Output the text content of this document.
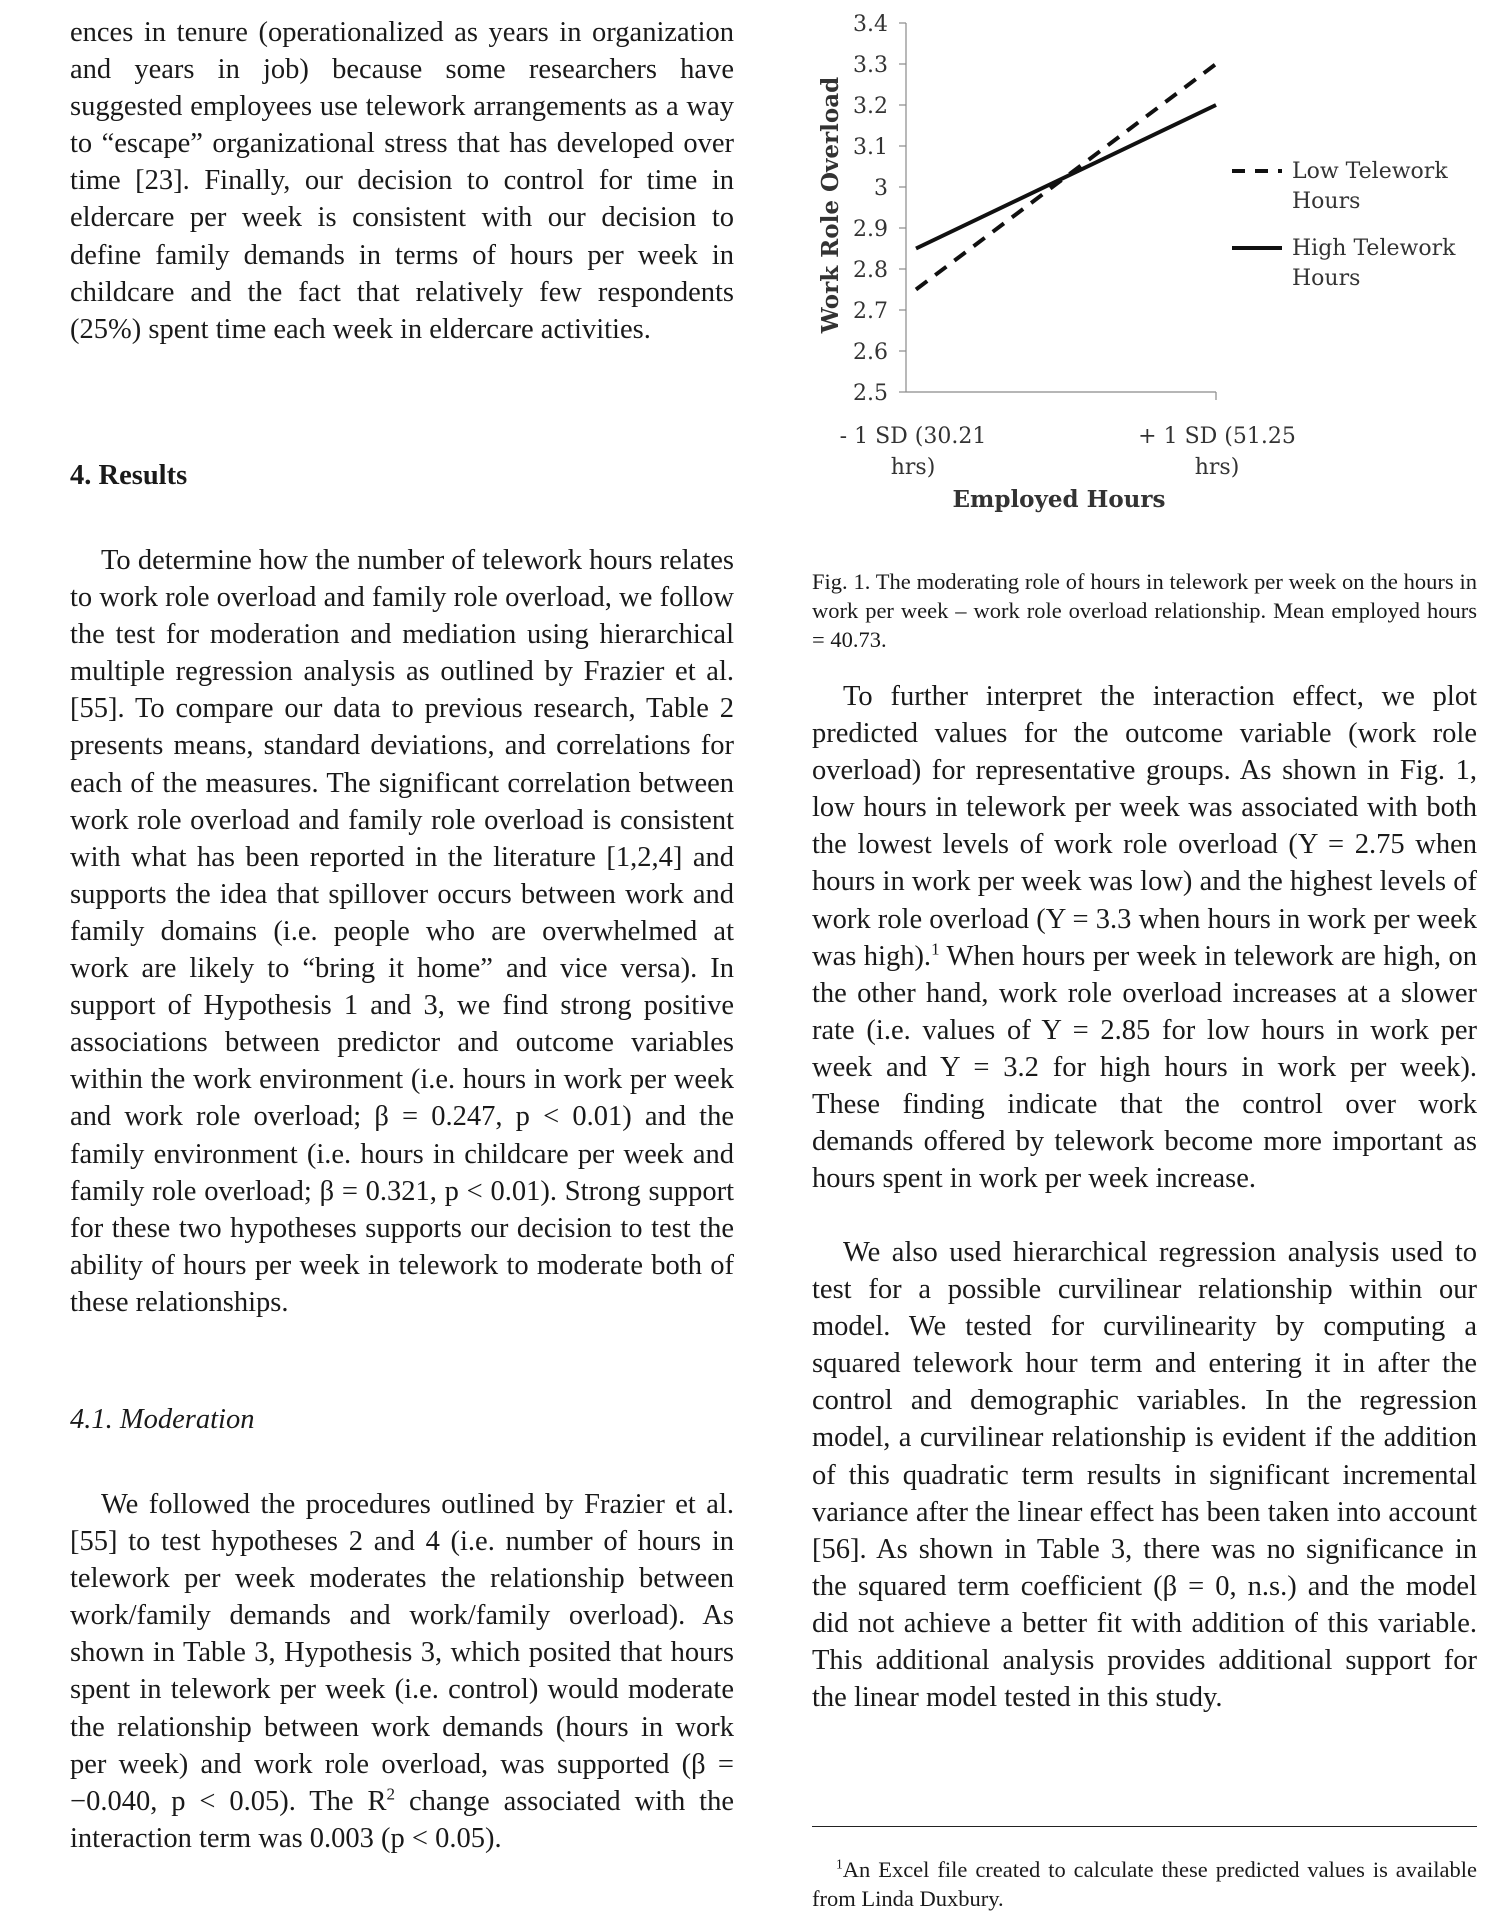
ences in tenure (operationalized as years in organization and years in job) because some researchers have suggested employees use telework arrangements as a way to “escape” organizational stress that has developed over time [23]. Finally, our decision to control for time in eldercare per week is consistent with our decision to define family demands in terms of hours per week in childcare and the fact that relatively few respondents (25%) spent time each week in eldercare activities.

4. Results

To determine how the number of telework hours relates to work role overload and family role overload, we follow the test for moderation and mediation using hierarchical multiple regression analysis as outlined by Frazier et al. [55]. To compare our data to previous research, Table 2 presents means, standard deviations, and correlations for each of the measures. The significant correlation between work role overload and family role overload is consistent with what has been reported in the literature [1,2,4] and supports the idea that spillover occurs between work and family domains (i.e. people who are overwhelmed at work are likely to “bring it home” and vice versa). In support of Hypothesis 1 and 3, we find strong positive associations between predictor and outcome variables within the work environment (i.e. hours in work per week and work role overload; β = 0.247, p < 0.01) and the family environment (i.e. hours in childcare per week and family role overload; β = 0.321, p < 0.01). Strong support for these two hypotheses supports our decision to test the ability of hours per week in telework to moderate both of these relationships.

4.1. Moderation

We followed the procedures outlined by Frazier et al. [55] to test hypotheses 2 and 4 (i.e. number of hours in telework per week moderates the relationship between work/family demands and work/family overload). As shown in Table 3, Hypothesis 3, which posited that hours spent in telework per week (i.e. control) would moderate the relationship between work demands (hours in work per week) and work role overload, was supported (β = −0.040, p < 0.05). The $R^2$ change associated with the interaction term was 0.003 (p < 0.05).

3.4
3.3
3.2
3.1
3
2.9
2.8
2.7
2.6
2.5
- 1 SD (30.21
hrs)
+ 1 SD (51.25
hrs)
Low Telework
Hours
High Telework
Hours
Work Role Overload
Employed Hours

Fig. 1. The moderating role of hours in telework per week on the hours in work per week – work role overload relationship. Mean employed hours = 40.73.

To further interpret the interaction effect, we plot predicted values for the outcome variable (work role overload) for representative groups. As shown in Fig. 1, low hours in telework per week was associated with both the lowest levels of work role overload (Y = 2.75 when hours in work per week was low) and the highest levels of work role overload (Y = 3.3 when hours in work per week was high).$^1$ When hours per week in telework are high, on the other hand, work role overload increases at a slower rate (i.e. values of Y = 2.85 for low hours in work per week and Y = 3.2 for high hours in work per week). These finding indicate that the control over work demands offered by telework become more important as hours spent in work per week increase.

We also used hierarchical regression analysis used to test for a possible curvilinear relationship within our model. We tested for curvilinearity by computing a squared telework hour term and entering it in after the control and demographic variables. In the regression model, a curvilinear relationship is evident if the addition of this quadratic term results in significant incremental variance after the linear effect has been taken into account [56]. As shown in Table 3, there was no significance in the squared term coefficient (β = 0, n.s.) and the model did not achieve a better fit with addition of this variable. This additional analysis provides additional support for the linear model tested in this study.

$^1$An Excel file created to calculate these predicted values is available from Linda Duxbury.
